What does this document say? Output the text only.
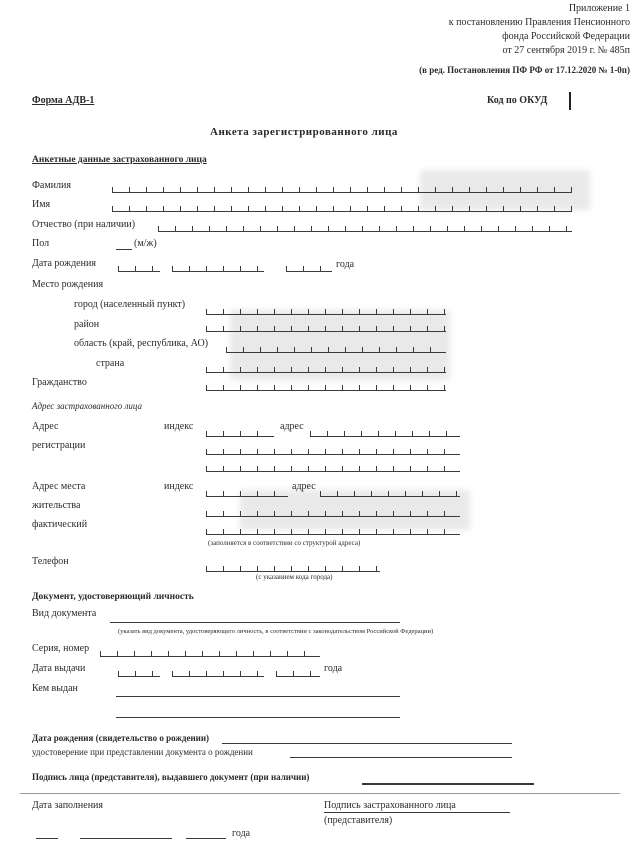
Приложение 1
к постановлению Правления Пенсионного
фонда Российской Федерации
от 27 сентября 2019 г. № 485п
(в ред. Постановления ПФ РФ от 17.12.2020 № 1-0п)
Форма АДВ-1	Код по ОКУД
Анкета зарегистрированного лица
Анкетные данные застрахованного лица
Фамилия
Имя
Отчество (при наличии)
Пол	(м/ж)
Дата рождения	года
Место рождения
город (населенный пункт)
район
область (край, республика, АО)
страна
Гражданство
Адрес застрахованного лица
Адрес
регистрации
индекс	адрес
Адрес места
жительства
фактический
индекс	адрес
(заполняется в соответствии со структурой адреса)
Телефон
(с указанием кода города)
Документ, удостоверяющий личность
Вид документа
(указать вид документа, удостоверяющего личность, в соответствии с законодательством Российской Федерации)
Серия, номер
Дата выдачи	года
Кем выдан
Дата рождения (свидетельство о рождении)
удостоверение при представлении документа о рождении
Подпись лица (представителя), выдавшего документ (при наличии)
Дата заполнения	Подпись застрахованного лица
(представителя)
года
